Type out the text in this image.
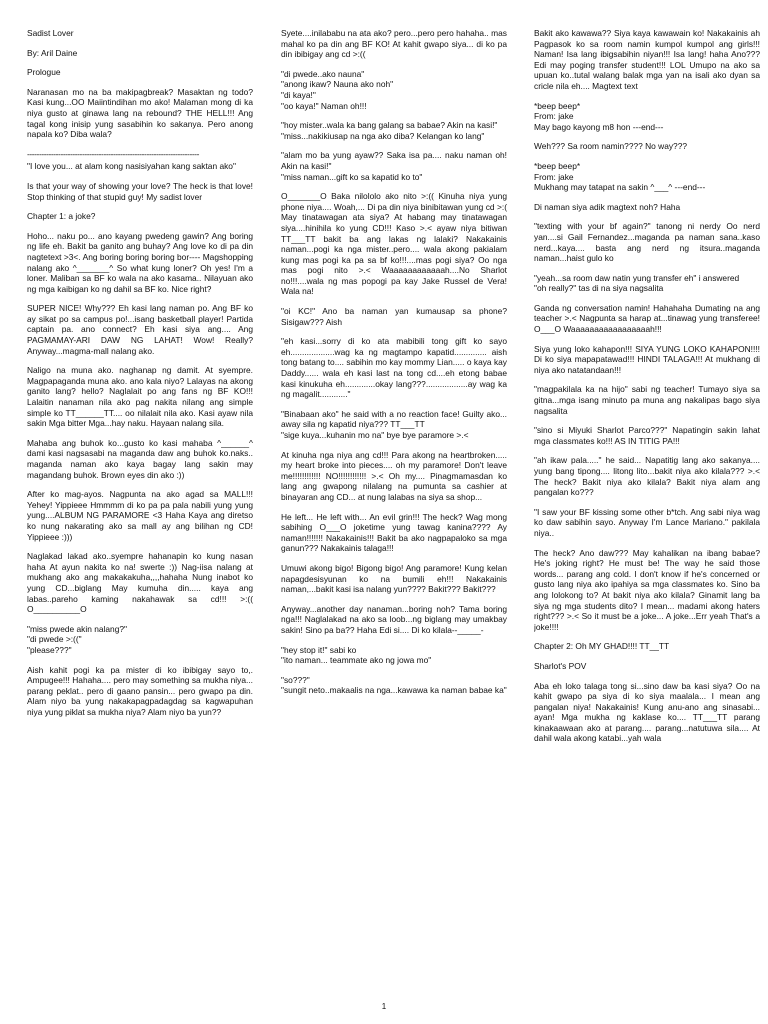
Sadist Lover

By: Aril Daine

Prologue

Naranasan mo na ba makipagbreak? Masaktan ng todo? Kasi kung...OO Maiintindihan mo ako! Malaman mong di ka niya gusto at ginawa lang na rebound? THE HELL!!! Ang tagal kong inisip yung sasabihin ko sakanya. Pero anong napala ko? Diba wala?

------------------------------------------------------------------------

"I love you... at alam kong nasisiyahan kang saktan ako"

Is that your way of showing your love? The heck is that love! Stop thinking of that stupid guy! My sadist lover

Chapter 1: a joke?

Hoho... naku po... ano kayang pwedeng gawin? Ang boring ng life eh. Bakit ba ganito ang buhay? Ang love ko di pa din nagtetext >3<. Ang boring boring boring bor---- Magshopping nalang ako ^_______^ So what kung loner? Oh yes! I'm a loner. Maliban sa BF ko wala na ako kasama.. Nilayuan ako ng mga kaibigan ko ng dahil sa BF ko. Nice right?

SUPER NICE! Why??? Eh kasi lang naman po. Ang BF ko ay sikat po sa campus po!...isang basketball player! Partida captain pa. ano connect? Eh kasi siya ang.... Ang PAGMAMAY-ARI DAW NG LAHAT! Wow! Really? Anyway...magma-mall nalang ako.

Naligo na muna ako. naghanap ng damit. At syempre. Magpapaganda muna ako. ano kala niyo? Lalayas na akong ganito lang? hello? Naglalait po ang fans ng BF KO!!! Lalaitin nanaman nila ako pag nakita nilang ang simple simple ko TT______TT.... oo nilalait nila ako. Kasi ayaw nila sakin Mga bitter Mga...hay naku. Hayaan nalang sila.

Mahaba ang buhok ko...gusto ko kasi mahaba ^______^ dami kasi nagsasabi na maganda daw ang buhok ko.naks.. maganda naman ako kaya bagay lang sakin may magandang buhok. Brown eyes din ako :))

After ko mag-ayos. Nagpunta na ako agad sa MALL!!! Yehey! Yippieee Hmmmm di ko pa pa pala nabili yung yung yung....ALBUM NG PARAMORE <3 Haha Kaya ang diretso ko nung nakarating ako sa mall ay ang bilihan ng CD! Yippieee :)))

Naglakad lakad ako..syempre hahanapin ko kung nasan haha At ayun nakita ko na! swerte :)) Nag-iisa nalang at mukhang ako ang makakakuha,,,,hahaha Nung inabot ko yung CD...biglang May kumuha din..... kaya ang labas..pareho kaming nakahawak sa cd!!! >:(( O__________O

"miss pwede akin nalang?"
"di pwede >:(("
"please???"

Aish kahit pogi ka pa mister di ko ibibigay sayo to,. Ampugee!!! Hahaha.... pero may something sa mukha niya... parang peklat.. pero di gaano pansin... pero gwapo pa din. Alam niyo ba yung nakakapagpadagdag sa kagwapuhan niya yung piklat sa mukha niya? Alam niyo ba yun??

Syete....inilababu na ata ako? pero...pero pero hahaha.. mas mahal ko pa din ang BF KO! At kahit gwapo siya... di ko pa din ibibigay ang cd >:((

"di pwede..ako nauna"
"anong ikaw? Nauna ako noh"
"di kaya!"
"oo kaya!" Naman oh!!!

"hoy mister..wala ka bang galang sa babae? Akin na kasi!"
"miss...nakikiusap na nga ako diba? Kelangan ko lang"

"alam mo ba yung ayaw?? Saka isa pa.... naku naman oh! Akin na kasi!"
"miss naman...gift ko sa kapatid ko to"

O_______O Baka nilololo ako nito >:(( Kinuha niya yung phone niya.... Woah,... Di pa din niya binibitawan yung cd >:( May tinatawagan ata siya? At habang may tinatawagan siya....hinihila ko yung CD!!! Kaso >.< ayaw niya bitiwan TT___TT bakit ba ang lakas ng lalaki? Nakakainis naman...pogi ka nga mister..pero.... wala akong pakialam kung mas pogi ka pa sa bf ko!!!....mas pogi siya? Oo nga mas pogi nito >.< Waaaaaaaaaaaah....No Sharlot no!!!....wala ng mas popogi pa kay Jake Russel de Vera! Wala na!

"oi KC!" Ano ba naman yan kumausap sa phone? Sisigaw??? Aish

"eh kasi...sorry di ko ata mabibili tong gift ko sayo eh...................wag ka ng magtampo kapatid.............. aish tong batang to.... sabihin mo kay mommy Lian..... o kaya kay Daddy...... wala eh kasi last na tong cd....eh etong babae kasi kinukuha eh.............okay lang???..................ay wag ka ng magalit............"

"Binabaan ako" he said with a no reaction face! Guilty ako... away sila ng kapatid niya??? TT___TT
"sige kuya...kuhanin mo na" bye bye paramore >.<

At kinuha nga niya ang cd!!! Para akong na heartbroken..... my heart broke into pieces.... oh my paramore! Don't leave me!!!!!!!!!!!! NO!!!!!!!!!!!! >.< Oh my.... Pinagmamasdan ko lang ang gwapong nilalang na pumunta sa cashier at binayaran ang CD... at nung lalabas na siya sa shop...

He left... He left with... An evil grin!!! The heck? Wag mong sabihing O___O joketime yung tawag kanina???? Ay naman!!!!!!! Nakakainis!!! Bakit ba ako nagpapaloko sa mga ganun??? Nakakainis talaga!!!

Umuwi akong bigo! Bigong bigo! Ang paramore! Kung kelan napagdesisyunan ko na bumili eh!!! Nakakainis naman,...bakit kasi isa nalang yun???? Bakit??? Bakit???

Anyway...another day nanaman...boring noh? Tama boring nga!!! Naglalakad na ako sa loob...ng biglang may umakbay sakin! Sino pa ba?? Haha Edi si.... Di ko kilala--_____-

"hey stop it!" sabi ko
"ito naman... teammate ako ng jowa mo"

"so???"
"sungit neto..makaalis na nga...kawawa ka naman babae ka"

Bakit ako kawawa?? Siya kaya kawawain ko! Nakakainis ah Pagpasok ko sa room namin kumpol kumpol ang girls!!! Naman! Isa lang ibigsabihin niyan!!! Isa lang! haha Ano??? Edi may poging transfer student!!! LOL Umupo na ako sa upuan ko..tutal walang balak mga yan na isali ako dyan sa cricle nila eh.... Magtext text

*beep beep*
From: jake
May bago kayong m8 hon ---end---

Weh??? Sa room namin???? No way???

*beep beep*
From: jake
Mukhang may tatapat na sakin ^___^ ---end---

Di naman siya adik magtext noh? Haha

"texting with your bf again?" tanong ni nerdy Oo nerd yan....si Gail Fernandez...maganda pa naman sana..kaso nerd...kaya.... basta ang nerd ng itsura..maganda naman...haist gulo ko

"yeah...sa room daw natin yung transfer eh" i answered
"oh really?" tas di na siya nagsalita

Ganda ng conversation namin! Hahahaha Dumating na ang teacher >.< Nagpunta sa harap at...tinawag yung transferee! O___O Waaaaaaaaaaaaaaaaah!!!

Siya yung loko kahapon!!! SIYA YUNG LOKO KAHAPON!!!! Di ko siya mapapatawad!!! HINDI TALAGA!!! At mukhang di niya ako natatandaan!!!

"magpakilala ka na hijo" sabi ng teacher! Tumayo siya sa gitna...mga isang minuto pa muna ang nakalipas bago siya nagsalita

"sino si Miyuki Sharlot Parco???" Napatingin sakin lahat mga classmates ko!!! AS IN TITIG PA!!!

"ah ikaw pala....." he said... Napatitig lang ako sakanya.... yung bang tipong.... litong lito...bakit niya ako kilala??? >.< The heck? Bakit niya ako kilala? Bakit niya alam ang pangalan ko???

"I saw your BF kissing some other b*tch. Ang sabi niya wag ko daw sabihin sayo. Anyway I'm Lance Mariano." pakilala niya..

The heck? Ano daw??? May kahalikan na ibang babae? He's joking right? He must be! The way he said those words... parang ang cold. I don't know if he's concerned or gusto lang niya ako ipahiya sa mga classmates ko. Sino ba ang lolokong to? At bakit niya ako kilala? Ginamit lang ba siya ng mga students dito? I mean... madami akong haters right??? >.< So it must be a joke... A joke...Err yeah That's a joke!!!!

Chapter 2: Oh MY GHAD!!!! TT__TT

Sharlot's POV

Aba eh loko talaga tong si...sino daw ba kasi siya? Oo na kahit gwapo pa siya di ko siya maalala... I mean ang pangalan niya! Nakakainis! Kung anu-ano ang sinasabi... ayan! Mga mukha ng kaklase ko.... TT___TT parang kinakaawaan ako at parang.... parang...natutuwa sila.... At dahil wala akong katabi...yah wala

1
